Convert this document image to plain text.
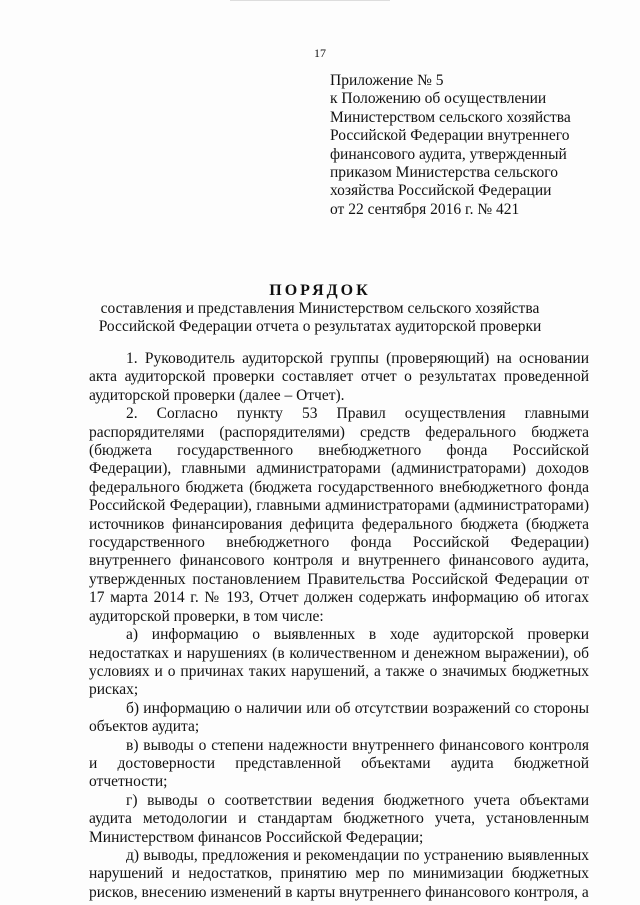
17
Приложение № 5
к Положению об осуществлении
Министерством сельского хозяйства
Российской Федерации внутреннего
финансового аудита, утвержденный
приказом Министерства сельского
хозяйства Российской Федерации
от 22 сентября 2016 г. № 421
ПОРЯДОК
составления и представления Министерством сельского хозяйства
Российской Федерации отчета о результатах аудиторской проверки

1. Руководитель аудиторской группы (проверяющий) на основании акта аудиторской проверки составляет отчет о результатах проведенной аудиторской проверки (далее – Отчет).

2. Согласно пункту 53 Правил осуществления главными распорядителями (распорядителями) средств федерального бюджета (бюджета государственного внебюджетного фонда Российской Федерации), главными администраторами (администраторами) доходов федерального бюджета (бюджета государственного внебюджетного фонда Российской Федерации), главными администраторами (администраторами) источников финансирования дефицита федерального бюджета (бюджета государственного внебюджетного фонда Российской Федерации) внутреннего финансового контроля и внутреннего финансового аудита, утвержденных постановлением Правительства Российской Федерации от 17 марта 2014 г. № 193, Отчет должен содержать информацию об итогах аудиторской проверки, в том числе:

а) информацию о выявленных в ходе аудиторской проверки недостатках и нарушениях (в количественном и денежном выражении), об условиях и о причинах таких нарушений, а также о значимых бюджетных рисках;

б) информацию о наличии или об отсутствии возражений со стороны объектов аудита;

в) выводы о степени надежности внутреннего финансового контроля и достоверности представленной объектами аудита бюджетной отчетности;

г) выводы о соответствии ведения бюджетного учета объектами аудита методологии и стандартам бюджетного учета, установленным Министерством финансов Российской Федерации;

д) выводы, предложения и рекомендации по устранению выявленных нарушений и недостатков, принятию мер по минимизации бюджетных рисков, внесению изменений в карты внутреннего финансового контроля, а
